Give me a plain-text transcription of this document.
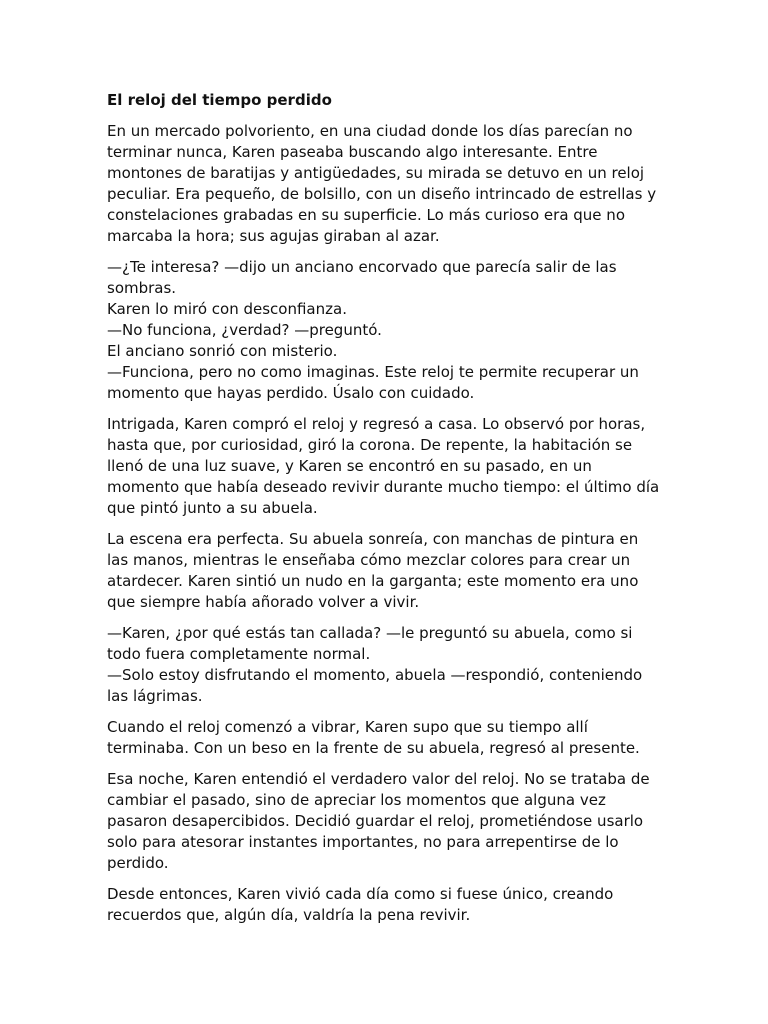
El reloj del tiempo perdido
En un mercado polvoriento, en una ciudad donde los días parecían no
terminar nunca, Karen paseaba buscando algo interesante. Entre
montones de baratijas y antigüedades, su mirada se detuvo en un reloj
peculiar. Era pequeño, de bolsillo, con un diseño intrincado de estrellas y
constelaciones grabadas en su superficie. Lo más curioso era que no
marcaba la hora; sus agujas giraban al azar.
—¿Te interesa? —dijo un anciano encorvado que parecía salir de las
sombras.
Karen lo miró con desconfianza.
—No funciona, ¿verdad? —preguntó.
El anciano sonrió con misterio.
—Funciona, pero no como imaginas. Este reloj te permite recuperar un
momento que hayas perdido. Úsalo con cuidado.
Intrigada, Karen compró el reloj y regresó a casa. Lo observó por horas,
hasta que, por curiosidad, giró la corona. De repente, la habitación se
llenó de una luz suave, y Karen se encontró en su pasado, en un
momento que había deseado revivir durante mucho tiempo: el último día
que pintó junto a su abuela.
La escena era perfecta. Su abuela sonreía, con manchas de pintura en
las manos, mientras le enseñaba cómo mezclar colores para crear un
atardecer. Karen sintió un nudo en la garganta; este momento era uno
que siempre había añorado volver a vivir.
—Karen, ¿por qué estás tan callada? —le preguntó su abuela, como si
todo fuera completamente normal.
—Solo estoy disfrutando el momento, abuela —respondió, conteniendo
las lágrimas.
Cuando el reloj comenzó a vibrar, Karen supo que su tiempo allí
terminaba. Con un beso en la frente de su abuela, regresó al presente.
Esa noche, Karen entendió el verdadero valor del reloj. No se trataba de
cambiar el pasado, sino de apreciar los momentos que alguna vez
pasaron desapercibidos. Decidió guardar el reloj, prometiéndose usarlo
solo para atesorar instantes importantes, no para arrepentirse de lo
perdido.
Desde entonces, Karen vivió cada día como si fuese único, creando
recuerdos que, algún día, valdría la pena revivir.
